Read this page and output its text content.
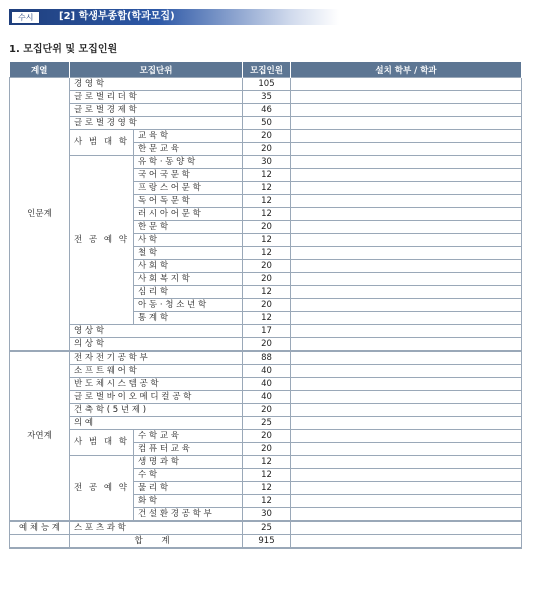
수시	[2] 학생부종합(학과모집)
1. 모집단위 및 모집인원
계열	모집단위		모집인원	설치 학부 / 학과
인문계	경 영 학		105	
	글 로 벌 리 더 학		35	
	글 로 벌 경 제 학		46	
	글 로 벌 경 영 학		50	
	사 범 대 학	교 육 학	20	
		한 문 교 육	20	
	전 공 예 약	유 학 · 동 양 학	30	
		국 어 국 문 학	12	
		프 랑 스 어 문 학	12	
		독 어 독 문 학	12	
		러 시 아 어 문 학	12	
		한 문 학	20	
		사 학	12	
		철 학	12	
		사 회 학	20	
		사 회 복 지 학	20	
		심 리 학	12	
		아 동 · 청 소 년 학	20	
		통 계 학	12	
	영 상 학		17	
	의 상 학		20	
자연계	전 자 전 기 공 학 부		88	
	소 프 트 웨 어 학		40	
	반 도 체 시 스 템 공 학		40	
	글 로 벌 바 이 오 메 디 컬 공 학		40	
	건 축 학 ( 5 년 제 )		20	
	의 예		25	
	사 범 대 학	수 학 교 육	20	
		컴 퓨 터 교 육	20	
	전 공 예 약	생 명 과 학	12	
		수 학	12	
		물 리 학	12	
		화 학	12	
		건 설 환 경 공 학 부	30	
예 체 능 계	스 포 츠 과 학		25	
	합 계		915	
